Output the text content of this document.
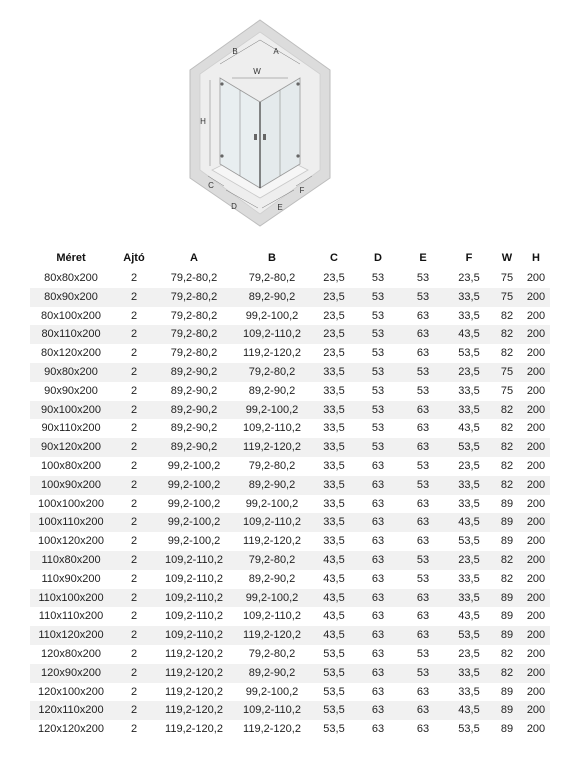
B	A
W
H
C
D	E
F
Méret	Ajtó	A	B	C	D	E	F	W	H
80x80x200	2	79,2-80,2	79,2-80,2	23,5	53	53	23,5	75	200
80x90x200	2	79,2-80,2	89,2-90,2	23,5	53	53	33,5	75	200
80x100x200	2	79,2-80,2	99,2-100,2	23,5	53	63	33,5	82	200
80x110x200	2	79,2-80,2	109,2-110,2	23,5	53	63	43,5	82	200
80x120x200	2	79,2-80,2	119,2-120,2	23,5	53	63	53,5	82	200
90x80x200	2	89,2-90,2	79,2-80,2	33,5	53	53	23,5	75	200
90x90x200	2	89,2-90,2	89,2-90,2	33,5	53	53	33,5	75	200
90x100x200	2	89,2-90,2	99,2-100,2	33,5	53	63	33,5	82	200
90x110x200	2	89,2-90,2	109,2-110,2	33,5	53	63	43,5	82	200
90x120x200	2	89,2-90,2	119,2-120,2	33,5	53	63	53,5	82	200
100x80x200	2	99,2-100,2	79,2-80,2	33,5	63	53	23,5	82	200
100x90x200	2	99,2-100,2	89,2-90,2	33,5	63	53	33,5	82	200
100x100x200	2	99,2-100,2	99,2-100,2	33,5	63	63	33,5	89	200
100x110x200	2	99,2-100,2	109,2-110,2	33,5	63	63	43,5	89	200
100x120x200	2	99,2-100,2	119,2-120,2	33,5	63	63	53,5	89	200
110x80x200	2	109,2-110,2	79,2-80,2	43,5	63	53	23,5	82	200
110x90x200	2	109,2-110,2	89,2-90,2	43,5	63	53	33,5	82	200
110x100x200	2	109,2-110,2	99,2-100,2	43,5	63	63	33,5	89	200
110x110x200	2	109,2-110,2	109,2-110,2	43,5	63	63	43,5	89	200
110x120x200	2	109,2-110,2	119,2-120,2	43,5	63	63	53,5	89	200
120x80x200	2	119,2-120,2	79,2-80,2	53,5	63	53	23,5	82	200
120x90x200	2	119,2-120,2	89,2-90,2	53,5	63	53	33,5	82	200
120x100x200	2	119,2-120,2	99,2-100,2	53,5	63	63	33,5	89	200
120x110x200	2	119,2-120,2	109,2-110,2	53,5	63	63	43,5	89	200
120x120x200	2	119,2-120,2	119,2-120,2	53,5	63	63	53,5	89	200
